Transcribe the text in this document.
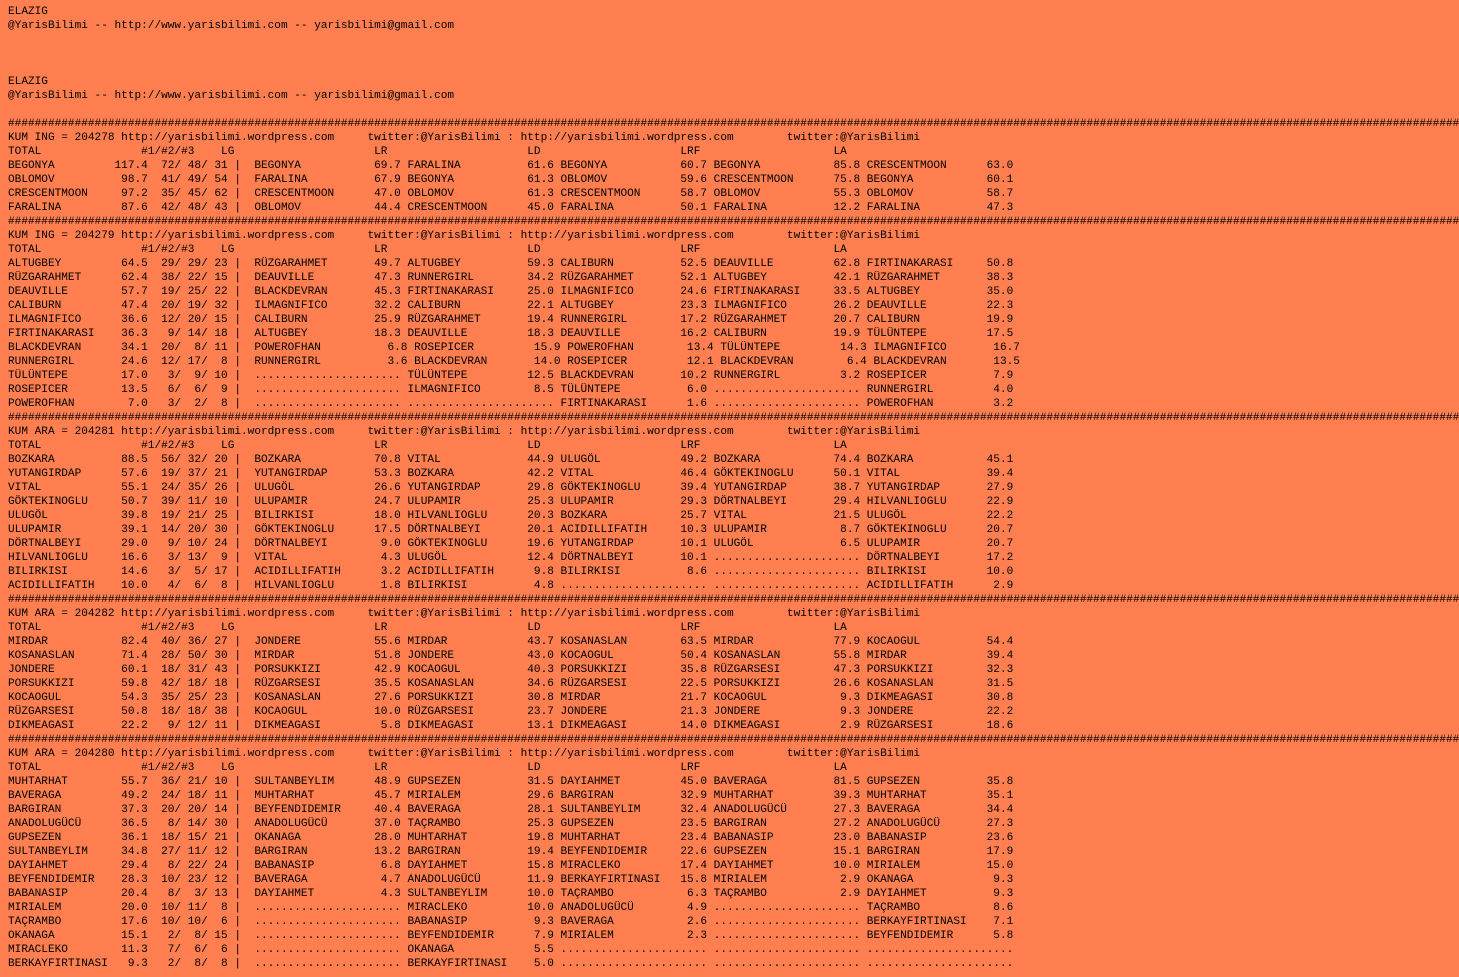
ELAZIG
@YarisBilimi -- http://www.yarisbilimi.com -- yarisbilimi@gmail.com

ELAZIG
@YarisBilimi -- http://www.yarisbilimi.com -- yarisbilimi@gmail.com

##########################################################################################################################################################################################################################
KUM ING = 204278 http://yarisbilimi.wordpress.com     twitter:@YarisBilimi : http://yarisbilimi.wordpress.com        twitter:@YarisBilimi
TOTAL               #1/#2/#3    LG                     LR                     LD                     LRF                    LA
BEGONYA         117.4  72/ 48/ 31 |  BEGONYA           69.7 FARALINA          61.6 BEGONYA           60.7 BEGONYA           85.8 CRESCENTMOON      63.0
OBLOMOV          98.7  41/ 49/ 54 |  FARALINA          67.9 BEGONYA           61.3 OBLOMOV           59.6 CRESCENTMOON      75.8 BEGONYA           60.1
CRESCENTMOON     97.2  35/ 45/ 62 |  CRESCENTMOON      47.0 OBLOMOV           61.3 CRESCENTMOON      58.7 OBLOMOV           55.3 OBLOMOV           58.7
FARALINA         87.6  42/ 48/ 43 |  OBLOMOV           44.4 CRESCENTMOON      45.0 FARALINA          50.1 FARALINA          12.2 FARALINA          47.3
##########################################################################################################################################################################################################################
KUM ING = 204279 http://yarisbilimi.wordpress.com     twitter:@YarisBilimi : http://yarisbilimi.wordpress.com        twitter:@YarisBilimi
TOTAL               #1/#2/#3    LG                     LR                     LD                     LRF                    LA
ALTUGBEY         64.5  29/ 29/ 23 |  RÜZGARAHMET       49.7 ALTUGBEY          59.3 CALIBURN          52.5 DEAUVILLE         62.8 FIRTINAKARASI     50.8
RÜZGARAHMET      62.4  38/ 22/ 15 |  DEAUVILLE         47.3 RUNNERGIRL        34.2 RÜZGARAHMET       52.1 ALTUGBEY          42.1 RÜZGARAHMET       38.3
DEAUVILLE        57.7  19/ 25/ 22 |  BLACKDEVRAN       45.3 FIRTINAKARASI     25.0 ILMAGNIFICO       24.6 FIRTINAKARASI     33.5 ALTUGBEY          35.0
CALIBURN         47.4  20/ 19/ 32 |  ILMAGNIFICO       32.2 CALIBURN          22.1 ALTUGBEY          23.3 ILMAGNIFICO       26.2 DEAUVILLE         22.3
ILMAGNIFICO      36.6  12/ 20/ 15 |  CALIBURN          25.9 RÜZGARAHMET       19.4 RUNNERGIRL        17.2 RÜZGARAHMET       20.7 CALIBURN          19.9
FIRTINAKARASI    36.3   9/ 14/ 18 |  ALTUGBEY          18.3 DEAUVILLE         18.3 DEAUVILLE         16.2 CALIBURN          19.9 TÜLÜNTEPE         17.5
BLACKDEVRAN      34.1  20/  8/ 11 |  POWEROFHAN          6.8 ROSEPICER         15.9 POWEROFHAN        13.4 TÜLÜNTEPE         14.3 ILMAGNIFICO       16.7
RUNNERGIRL       24.6  12/ 17/  8 |  RUNNERGIRL          3.6 BLACKDEVRAN       14.0 ROSEPICER         12.1 BLACKDEVRAN        6.4 BLACKDEVRAN       13.5
TÜLÜNTEPE        17.0   3/  9/ 10 |  ...................... TÜLÜNTEPE         12.5 BLACKDEVRAN       10.2 RUNNERGIRL         3.2 ROSEPICER          7.9
ROSEPICER        13.5   6/  6/  9 |  ...................... ILMAGNIFICO        8.5 TÜLÜNTEPE          6.0 ...................... RUNNERGIRL         4.0
POWEROFHAN        7.0   3/  2/  8 |  ...................... ...................... FIRTINAKARASI      1.6 ...................... POWEROFHAN         3.2
##########################################################################################################################################################################################################################
KUM ARA = 204281 http://yarisbilimi.wordpress.com     twitter:@YarisBilimi : http://yarisbilimi.wordpress.com        twitter:@YarisBilimi
TOTAL               #1/#2/#3    LG                     LR                     LD                     LRF                    LA
BOZKARA          88.5  56/ 32/ 20 |  BOZKARA           70.8 VITAL             44.9 ULUGÖL            49.2 BOZKARA           74.4 BOZKARA           45.1
YUTANGIRDAP      57.6  19/ 37/ 21 |  YUTANGIRDAP       53.3 BOZKARA           42.2 VITAL             46.4 GÖKTEKINOGLU      50.1 VITAL             39.4
VITAL            55.1  24/ 35/ 26 |  ULUGÖL            26.6 YUTANGIRDAP       29.8 GÖKTEKINOGLU      39.4 YUTANGIRDAP       38.7 YUTANGIRDAP       27.9
GÖKTEKINOGLU     50.7  39/ 11/ 10 |  ULUPAMIR          24.7 ULUPAMIR          25.3 ULUPAMIR          29.3 DÖRTNALBEYI       29.4 HILVANLIOGLU      22.9
ULUGÖL           39.8  19/ 21/ 25 |  BILIRKISI         18.0 HILVANLIOGLU      20.3 BOZKARA           25.7 VITAL             21.5 ULUGÖL            22.2
ULUPAMIR         39.1  14/ 20/ 30 |  GÖKTEKINOGLU      17.5 DÖRTNALBEYI       20.1 ACIDILLIFATIH     10.3 ULUPAMIR           8.7 GÖKTEKINOGLU      20.7
DÖRTNALBEYI      29.0   9/ 10/ 24 |  DÖRTNALBEYI        9.0 GÖKTEKINOGLU      19.6 YUTANGIRDAP       10.1 ULUGÖL             6.5 ULUPAMIR          20.7
HILVANLIOGLU     16.6   3/ 13/  9 |  VITAL              4.3 ULUGÖL            12.4 DÖRTNALBEYI       10.1 ...................... DÖRTNALBEYI       17.2
BILIRKISI        14.6   3/  5/ 17 |  ACIDILLIFATIH      3.2 ACIDILLIFATIH      9.8 BILIRKISI          8.6 ...................... BILIRKISI         10.0
ACIDILLIFATIH    10.0   4/  6/  8 |  HILVANLIOGLU       1.8 BILIRKISI          4.8 ...................... ...................... ACIDILLIFATIH      2.9
##########################################################################################################################################################################################################################
KUM ARA = 204282 http://yarisbilimi.wordpress.com     twitter:@YarisBilimi : http://yarisbilimi.wordpress.com        twitter:@YarisBilimi
TOTAL               #1/#2/#3    LG                     LR                     LD                     LRF                    LA
MIRDAR           82.4  40/ 36/ 27 |  JONDERE           55.6 MIRDAR            43.7 KOSANASLAN        63.5 MIRDAR            77.9 KOCAOGUL          54.4
KOSANASLAN       71.4  28/ 50/ 30 |  MIRDAR            51.8 JONDERE           43.0 KOCAOGUL          50.4 KOSANASLAN        55.8 MIRDAR            39.4
JONDERE          60.1  18/ 31/ 43 |  PORSUKKIZI        42.9 KOCAOGUL          40.3 PORSUKKIZI        35.8 RÜZGARSESI        47.3 PORSUKKIZI        32.3
PORSUKKIZI       59.8  42/ 18/ 18 |  RÜZGARSESI        35.5 KOSANASLAN        34.6 RÜZGARSESI        22.5 PORSUKKIZI        26.6 KOSANASLAN        31.5
KOCAOGUL         54.3  35/ 25/ 23 |  KOSANASLAN        27.6 PORSUKKIZI        30.8 MIRDAR            21.7 KOCAOGUL           9.3 DIKMEAGASI        30.8
RÜZGARSESI       50.8  18/ 18/ 38 |  KOCAOGUL          10.0 RÜZGARSESI        23.7 JONDERE           21.3 JONDERE            9.3 JONDERE           22.2
DIKMEAGASI       22.2   9/ 12/ 11 |  DIKMEAGASI         5.8 DIKMEAGASI        13.1 DIKMEAGASI        14.0 DIKMEAGASI         2.9 RÜZGARSESI        18.6
##########################################################################################################################################################################################################################
KUM ARA = 204280 http://yarisbilimi.wordpress.com     twitter:@YarisBilimi : http://yarisbilimi.wordpress.com        twitter:@YarisBilimi
TOTAL               #1/#2/#3    LG                     LR                     LD                     LRF                    LA
MUHTARHAT        55.7  36/ 21/ 10 |  SULTANBEYLIM      48.9 GUPSEZEN          31.5 DAYIAHMET         45.0 BAVERAGA          81.5 GUPSEZEN          35.8
BAVERAGA         49.2  24/ 18/ 11 |  MUHTARHAT         45.7 MIRIALEM          29.6 BARGIRAN          32.9 MUHTARHAT         39.3 MUHTARHAT         35.1
BARGIRAN         37.3  20/ 20/ 14 |  BEYFENDIDEMIR     40.4 BAVERAGA          28.1 SULTANBEYLIM      32.4 ANADOLUGÜCÜ       27.3 BAVERAGA          34.4
ANADOLUGÜCÜ      36.5   8/ 14/ 30 |  ANADOLUGÜCÜ       37.0 TAÇRAMBO          25.3 GUPSEZEN          23.5 BARGIRAN          27.2 ANADOLUGÜCÜ       27.3
GUPSEZEN         36.1  18/ 15/ 21 |  OKANAGA           28.0 MUHTARHAT         19.8 MUHTARHAT         23.4 BABANASIP         23.0 BABANASIP         23.6
SULTANBEYLIM     34.8  27/ 11/ 12 |  BARGIRAN          13.2 BARGIRAN          19.4 BEYFENDIDEMIR     22.6 GUPSEZEN          15.1 BARGIRAN          17.9
DAYIAHMET        29.4   8/ 22/ 24 |  BABANASIP          6.8 DAYIAHMET         15.8 MIRACLEKO         17.4 DAYIAHMET         10.0 MIRIALEM          15.0
BEYFENDIDEMIR    28.3  10/ 23/ 12 |  BAVERAGA           4.7 ANADOLUGÜCÜ       11.9 BERKAYFIRTINASI   15.8 MIRIALEM           2.9 OKANAGA            9.3
BABANASIP        20.4   8/  3/ 13 |  DAYIAHMET          4.3 SULTANBEYLIM      10.0 TAÇRAMBO           6.3 TAÇRAMBO           2.9 DAYIAHMET          9.3
MIRIALEM         20.0  10/ 11/  8 |  ...................... MIRACLEKO         10.0 ANADOLUGÜCÜ        4.9 ...................... TAÇRAMBO           8.6
TAÇRAMBO         17.6  10/ 10/  6 |  ...................... BABANASIP          9.3 BAVERAGA           2.6 ...................... BERKAYFIRTINASI    7.1
OKANAGA          15.1   2/  8/ 15 |  ...................... BEYFENDIDEMIR      7.9 MIRIALEM           2.3 ...................... BEYFENDIDEMIR      5.8
MIRACLEKO        11.3   7/  6/  6 |  ...................... OKANAGA            5.5 ...................... ...................... ......................
BERKAYFIRTINASI   9.3   2/  8/  8 |  ...................... BERKAYFIRTINASI    5.0 ...................... ...................... ......................
